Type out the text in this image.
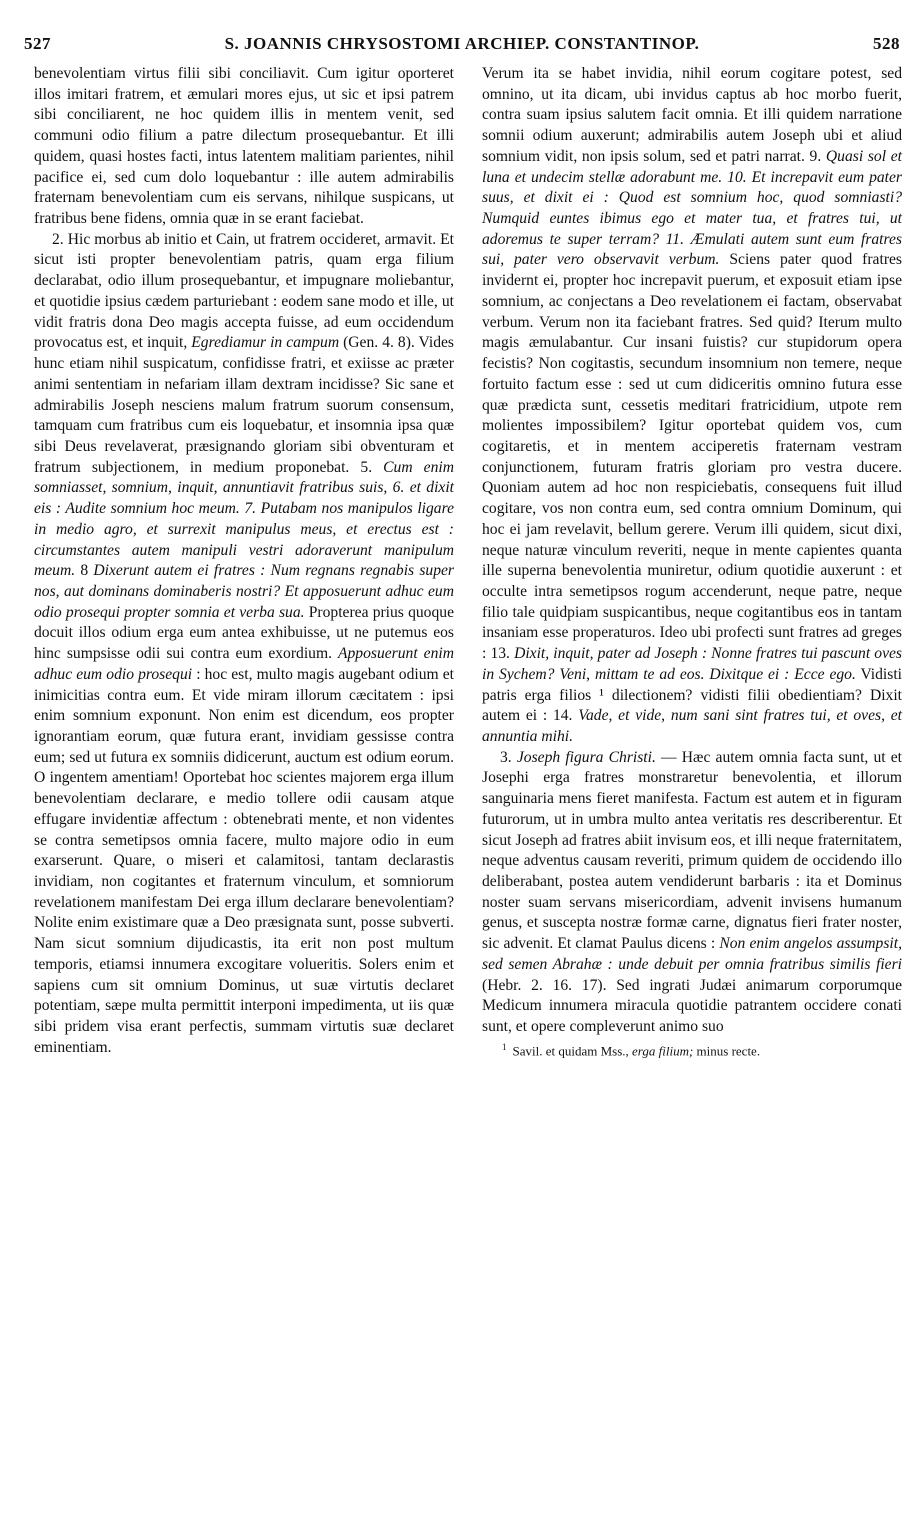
527	S. JOANNIS CHRYSOSTOMI ARCHIEP. CONSTANTINOP.	528

benevolentiam virtus filii sibi conciliavit. Cum igitur oporteret illos imitari fratrem, et æmulari mores ejus, ut sic et ipsi patrem sibi conciliarent, ne hoc quidem illis in mentem venit, sed communi odio filium a patre dilectum prosequebantur. Et illi quidem, quasi hostes facti, intus latentem malitiam parientes, nihil pacifice ei, sed cum dolo loquebantur : ille autem admirabilis fraternam benevolentiam cum eis servans, nihilque suspicans, ut fratribus bene fidens, omnia quæ in se erant faciebat.

2. Hic morbus ab initio et Cain, ut fratrem occideret, armavit. Et sicut isti propter benevolentiam patris, quam erga filium declarabat, odio illum prosequebantur, et impugnare moliebantur, et quotidie ipsius cædem parturiebant : eodem sane modo et ille, ut vidit fratris dona Deo magis accepta fuisse, ad eum occidendum provocatus est, et inquit, Egrediamur in campum (Gen. 4. 8). Vides hunc etiam nihil suspicatum, confidisse fratri, et exiisse ac præter animi sententiam in nefariam illam dextram incidisse? Sic sane et admirabilis Joseph nesciens malum fratrum suorum consensum, tamquam cum fratribus cum eis loquebatur, et insomnia ipsa quæ sibi Deus revelaverat, præsignando gloriam sibi obventuram et fratrum subjectionem, in medium proponebat. 5. Cum enim somniasset, somnium, inquit, annuntiavit fratribus suis, 6. et dixit eis : Audite somnium hoc meum. 7. Putabam nos manipulos ligare in medio agro, et surrexit manipulus meus, et erectus est : circumstantes autem manipuli vestri adoraverunt manipulum meum. 8 Dixerunt autem ei fratres : Num regnans regnabis super nos, aut dominans dominaberis nostri? Et apposuerunt adhuc eum odio prosequi propter somnia et verba sua. Propterea prius quoque docuit illos odium erga eum antea exhibuisse, ut ne putemus eos hinc sumpsisse odii sui contra eum exordium. Apposuerunt enim adhuc eum odio prosequi : hoc est, multo magis augebant odium et inimicitias contra eum. Et vide miram illorum cæcitatem : ipsi enim somnium exponunt. Non enim est dicendum, eos propter ignorantiam eorum, quæ futura erant, invidiam gessisse contra eum; sed ut futura ex somniis didicerunt, auctum est odium eorum. O ingentem amentiam! Oportebat hoc scientes majorem erga illum benevolentiam declarare, e medio tollere odii causam atque effugare invidentiæ affectum : obtenebrati mente, et non videntes se contra semetipsos omnia facere, multo majore odio in eum exarserunt. Quare, o miseri et calamitosi, tantam declarastis invidiam, non cogitantes et fraternum vinculum, et somniorum revelationem manifestam Dei erga illum declarare benevolentiam? Nolite enim existimare quæ a Deo præsignata sunt, posse subverti. Nam sicut somnium dijudicastis, ita erit non post multum temporis, etiamsi innumera excogitare volueritis. Solers enim et sapiens cum sit omnium Dominus, ut suæ virtutis declaret potentiam, sæpe multa permittit interponi impedimenta, ut iis quæ sibi pridem visa erant perfectis, summam virtutis suæ declaret eminentiam.

Verum ita se habet invidia, nihil eorum cogitare potest, sed omnino, ut ita dicam, ubi invidus captus ab hoc morbo fuerit, contra suam ipsius salutem facit omnia. Et illi quidem narratione somnii odium auxerunt; admirabilis autem Joseph ubi et aliud somnium vidit, non ipsis solum, sed et patri narrat. 9. Quasi sol et luna et undecim stellæ adorabunt me. 10. Et increpavit eum pater suus, et dixit ei : Quod est somnium hoc, quod somniasti? Numquid euntes ibimus ego et mater tua, et fratres tui, ut adoremus te super terram? 11. Æmulati autem sunt eum fratres sui, pater vero observavit verbum. Sciens pater quod fratres invidernt ei, propter hoc increpavit puerum, et exposuit etiam ipse somnium, ac conjectans a Deo revelationem ei factam, observabat verbum. Verum non ita faciebant fratres. Sed quid? Iterum multo magis æmulabantur. Cur insani fuistis? cur stupidorum opera fecistis? Non cogitastis, secundum insomnium non temere, neque fortuito factum esse : sed ut cum didiceritis omnino futura esse quæ prædicta sunt, cessetis meditari fratricidium, utpote rem molientes impossibilem? Igitur oportebat quidem vos, cum cogitaretis, et in mentem acciperetis fraternam vestram conjunctionem, futuram fratris gloriam pro vestra ducere. Quoniam autem ad hoc non respiciebatis, consequens fuit illud cogitare, vos non contra eum, sed contra omnium Dominum, qui hoc ei jam revelavit, bellum gerere. Verum illi quidem, sicut dixi, neque naturæ vinculum reveriti, neque in mente capientes quanta ille superna benevolentia muniretur, odium quotidie auxerunt : et occulte intra semetipsos rogum accenderunt, neque patre, neque filio tale quidpiam suspicantibus, neque cogitantibus eos in tantam insaniam esse properaturos. Ideo ubi profecti sunt fratres ad greges : 13. Dixit, inquit, pater ad Joseph : Nonne fratres tui pascunt oves in Sychem? Veni, mittam te ad eos. Dixitque ei : Ecce ego. Vidisti patris erga filios ¹ dilectionem? vidisti filii obedientiam? Dixit autem ei : 14. Vade, et vide, num sani sint fratres tui, et oves, et annuntia mihi.

3. Joseph figura Christi. — Hæc autem omnia facta sunt, ut et Josephi erga fratres monstraretur benevolentia, et illorum sanguinaria mens fieret manifesta. Factum est autem et in figuram futurorum, ut in umbra multo antea veritatis res describerentur. Et sicut Joseph ad fratres abiit invisum eos, et illi neque fraternitatem, neque adventus causam reveriti, primum quidem de occidendo illo deliberabant, postea autem vendiderunt barbaris : ita et Dominus noster suam servans misericordiam, advenit invisens humanum genus, et suscepta nostræ formæ carne, dignatus fieri frater noster, sic advenit. Et clamat Paulus dicens : Non enim angelos assumpsit, sed semen Abrahæ : unde debuit per omnia fratribus similis fieri (Hebr. 2. 16. 17). Sed ingrati Judæi animarum corporumque Medicum innumera miracula quotidie patrantem occidere conati sunt, et opere compleverunt animo suo

$^1$ Savil. et quidam Mss., erga filium; minus recte.
